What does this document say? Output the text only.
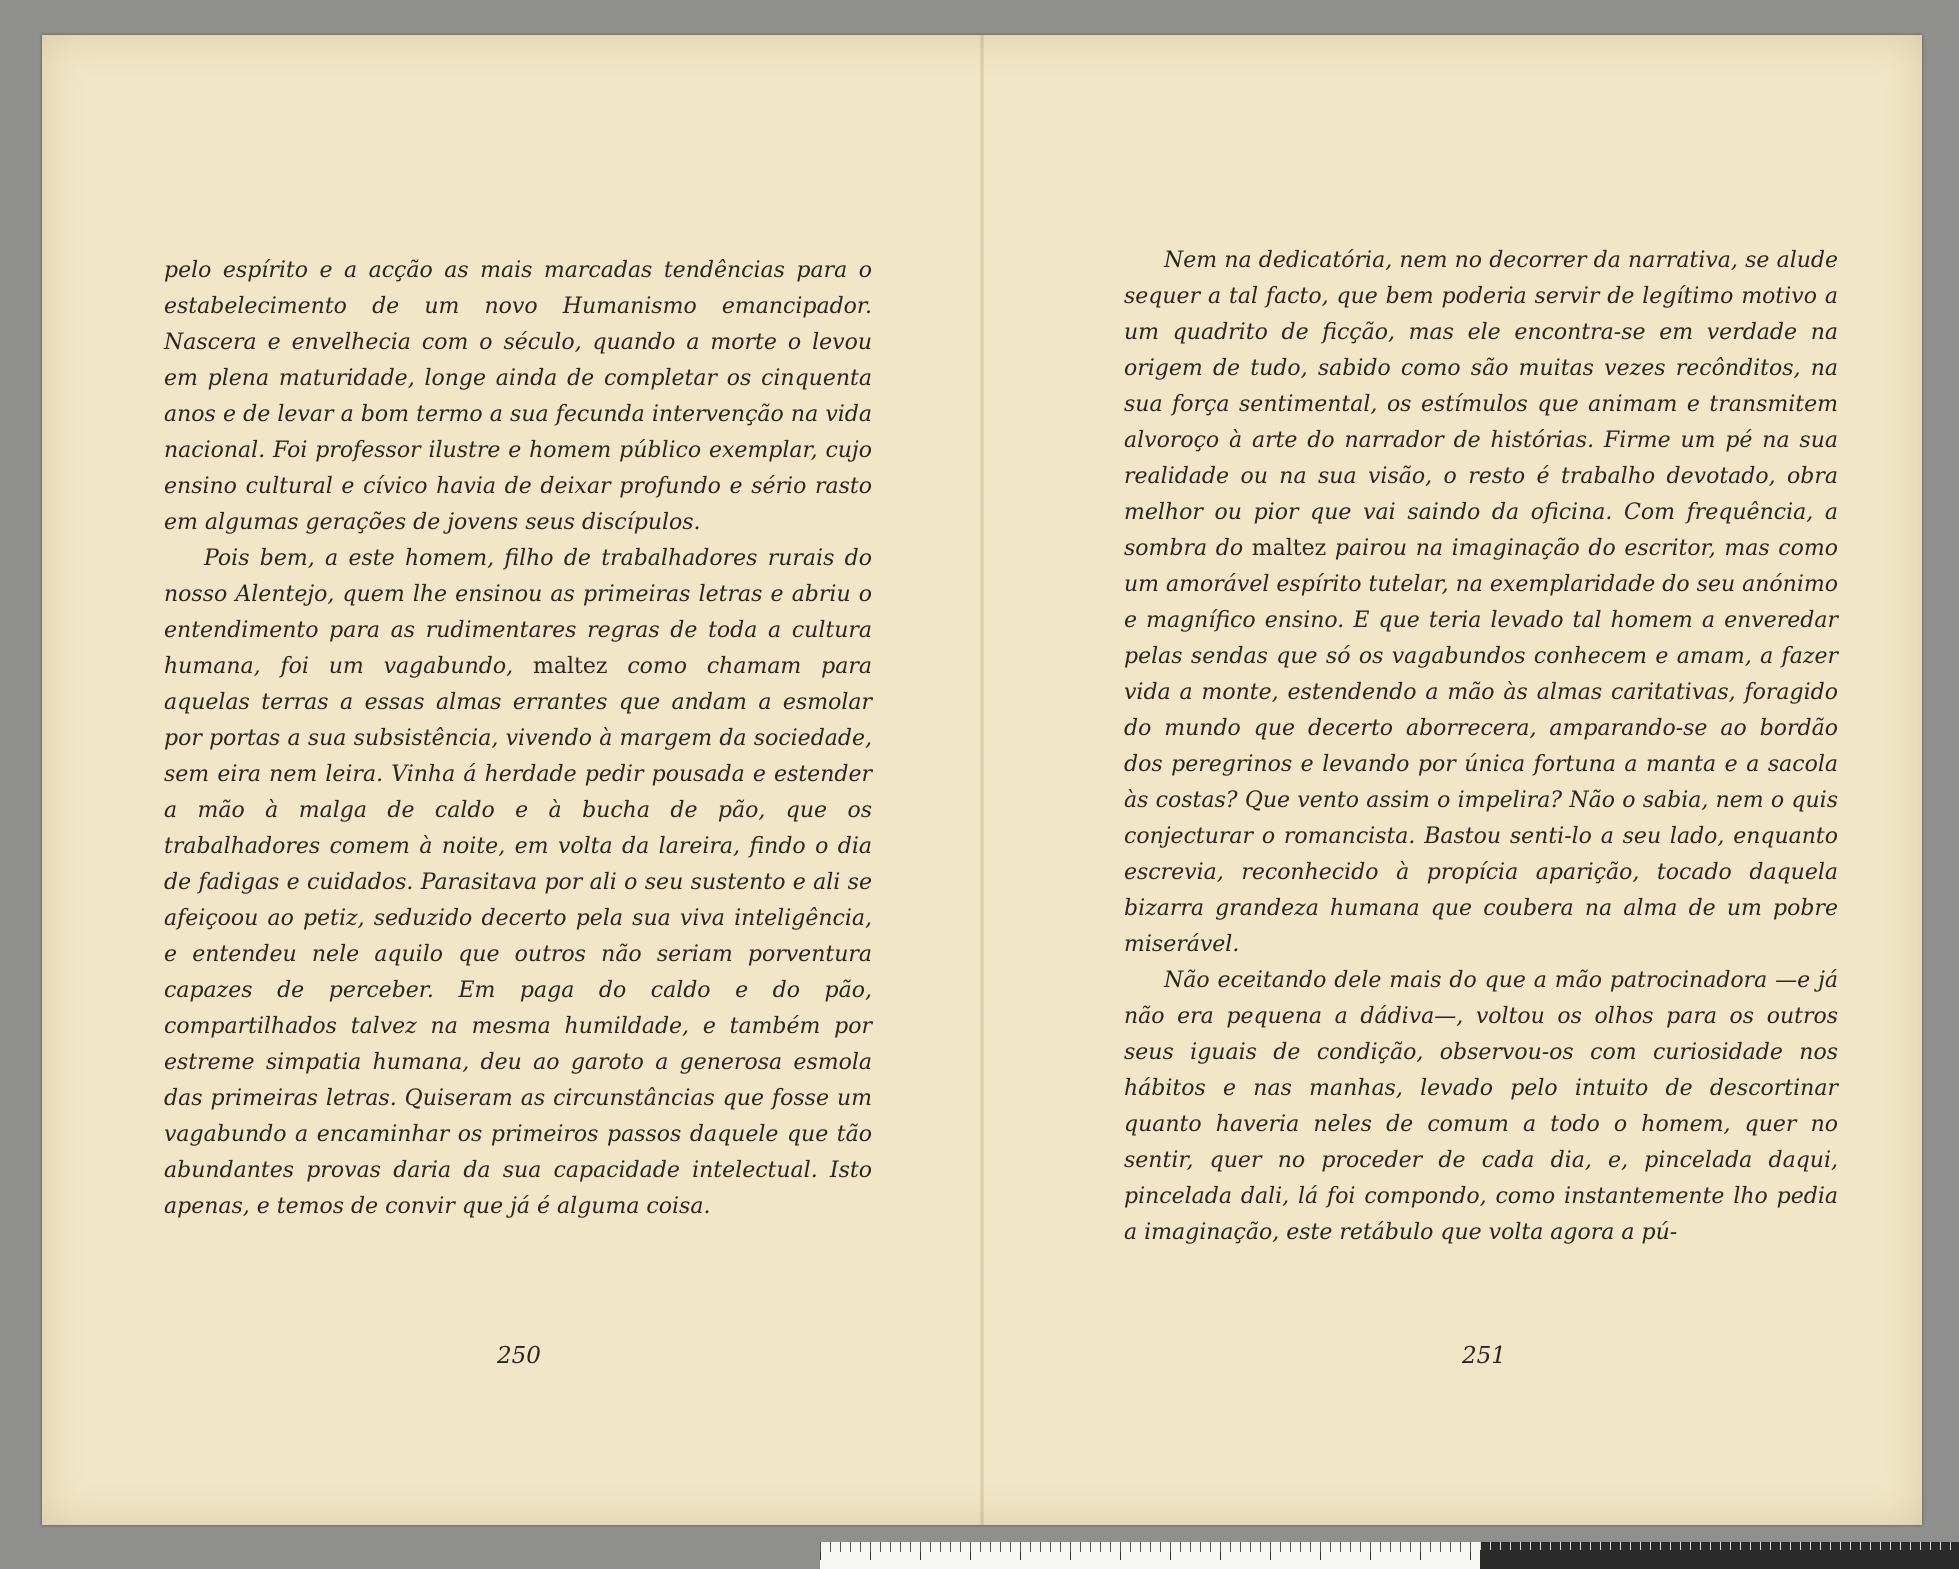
pelo espírito e a acção as mais marcadas tendências para o estabelecimento de um novo Humanismo emancipador. Nascera e envelhecia com o século, quando a morte o levou em plena maturidade, longe ainda de completar os cinquenta anos e de levar a bom termo a sua fecunda intervenção na vida nacional. Foi professor ilustre e homem público exemplar, cujo ensino cultural e cívico havia de deixar profundo e sério rasto em algumas gerações de jovens seus discípulos.

Pois bem, a este homem, filho de trabalhadores rurais do nosso Alentejo, quem lhe ensinou as primeiras letras e abriu o entendimento para as rudimentares regras de toda a cultura humana, foi um vagabundo, maltez como chamam para aquelas terras a essas almas errantes que andam a esmolar por portas a sua subsistência, vivendo à margem da sociedade, sem eira nem leira. Vinha á herdade pedir pousada e estender a mão à malga de caldo e à bucha de pão, que os trabalhadores comem à noite, em volta da lareira, findo o dia de fadigas e cuidados. Parasitava por ali o seu sustento e ali se afeiçoou ao petiz, seduzido decerto pela sua viva inteligência, e entendeu nele aquilo que outros não seriam porventura capazes de perceber. Em paga do caldo e do pão, compartilhados talvez na mesma humildade, e também por estreme simpatia humana, deu ao garoto a generosa esmola das primeiras letras. Quiseram as circunstâncias que fosse um vagabundo a encaminhar os primeiros passos daquele que tão abundantes provas daria da sua capacidade intelectual. Isto apenas, e temos de convir que já é alguma coisa.

250

Nem na dedicatória, nem no decorrer da narrativa, se alude sequer a tal facto, que bem poderia servir de legítimo motivo a um quadrito de ficção, mas ele encontra-se em verdade na origem de tudo, sabido como são muitas vezes recônditos, na sua força sentimental, os estímulos que animam e transmitem alvoroço à arte do narrador de histórias. Firme um pé na sua realidade ou na sua visão, o resto é trabalho devotado, obra melhor ou pior que vai saindo da oficina. Com frequência, a sombra do maltez pairou na imaginação do escritor, mas como um amorável espírito tutelar, na exemplaridade do seu anónimo e magnífico ensino. E que teria levado tal homem a enveredar pelas sendas que só os vagabundos conhecem e amam, a fazer vida a monte, estendendo a mão às almas caritativas, foragido do mundo que decerto aborrecera, amparando-se ao bordão dos peregrinos e levando por única fortuna a manta e a sacola às costas? Que vento assim o impelira? Não o sabia, nem o quis conjecturar o romancista. Bastou senti-lo a seu lado, enquanto escrevia, reconhecido à propícia aparição, tocado daquela bizarra grandeza humana que coubera na alma de um pobre miserável.

Não eceitando dele mais do que a mão patrocinadora —e já não era pequena a dádiva—, voltou os olhos para os outros seus iguais de condição, observou-os com curiosidade nos hábitos e nas manhas, levado pelo intuito de descortinar quanto haveria neles de comum a todo o homem, quer no sentir, quer no proceder de cada dia, e, pincelada daqui, pincelada dali, lá foi compondo, como instantemente lho pedia a imaginação, este retábulo que volta agora a pú-

251
